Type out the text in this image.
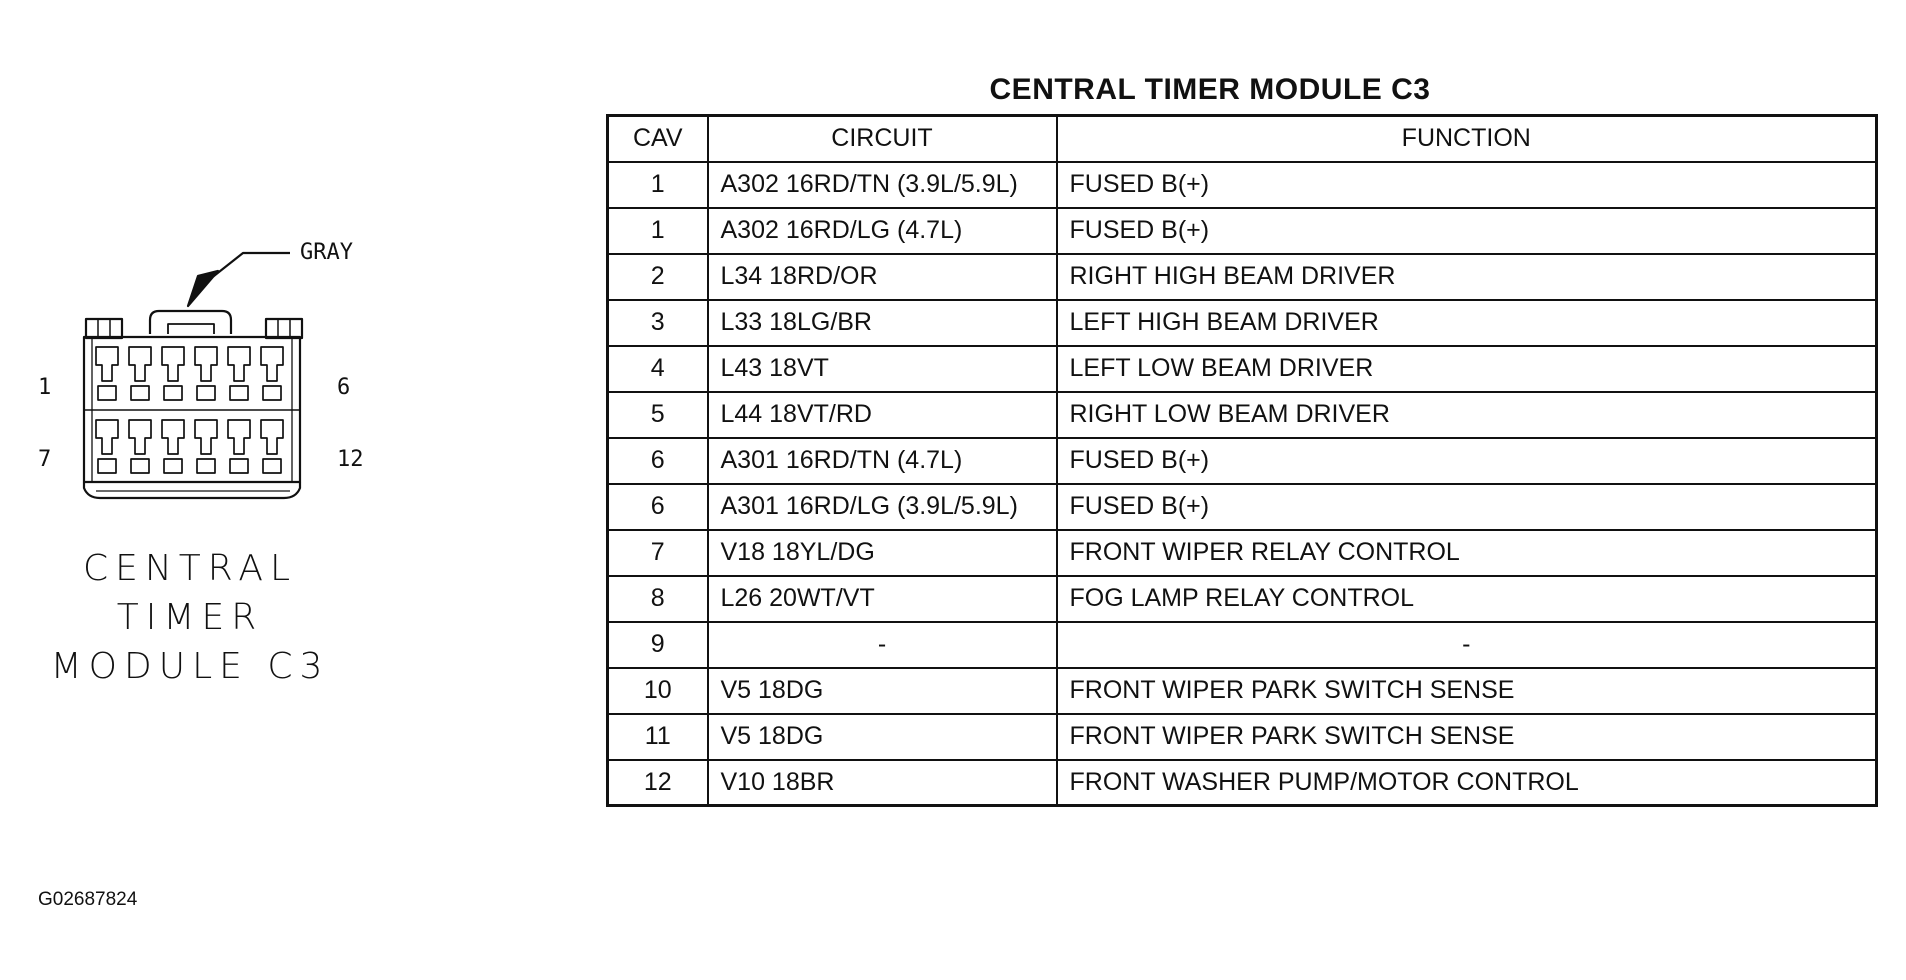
GRAY
1	6
7	12
CENTRAL
TIMER
MODULE C3
CENTRAL TIMER MODULE C3
CAV	CIRCUIT	FUNCTION
1	A302 16RD/TN (3.9L/5.9L)	FUSED B(+)
1	A302 16RD/LG (4.7L)	FUSED B(+)
2	L34 18RD/OR	RIGHT HIGH BEAM DRIVER
3	L33 18LG/BR	LEFT HIGH BEAM DRIVER
4	L43 18VT	LEFT LOW BEAM DRIVER
5	L44 18VT/RD	RIGHT LOW BEAM DRIVER
6	A301 16RD/TN (4.7L)	FUSED B(+)
6	A301 16RD/LG (3.9L/5.9L)	FUSED B(+)
7	V18 18YL/DG	FRONT WIPER RELAY CONTROL
8	L26 20WT/VT	FOG LAMP RELAY CONTROL
9	-	-
10	V5 18DG	FRONT WIPER PARK SWITCH SENSE
11	V5 18DG	FRONT WIPER PARK SWITCH SENSE
12	V10 18BR	FRONT WASHER PUMP/MOTOR CONTROL
G02687824
